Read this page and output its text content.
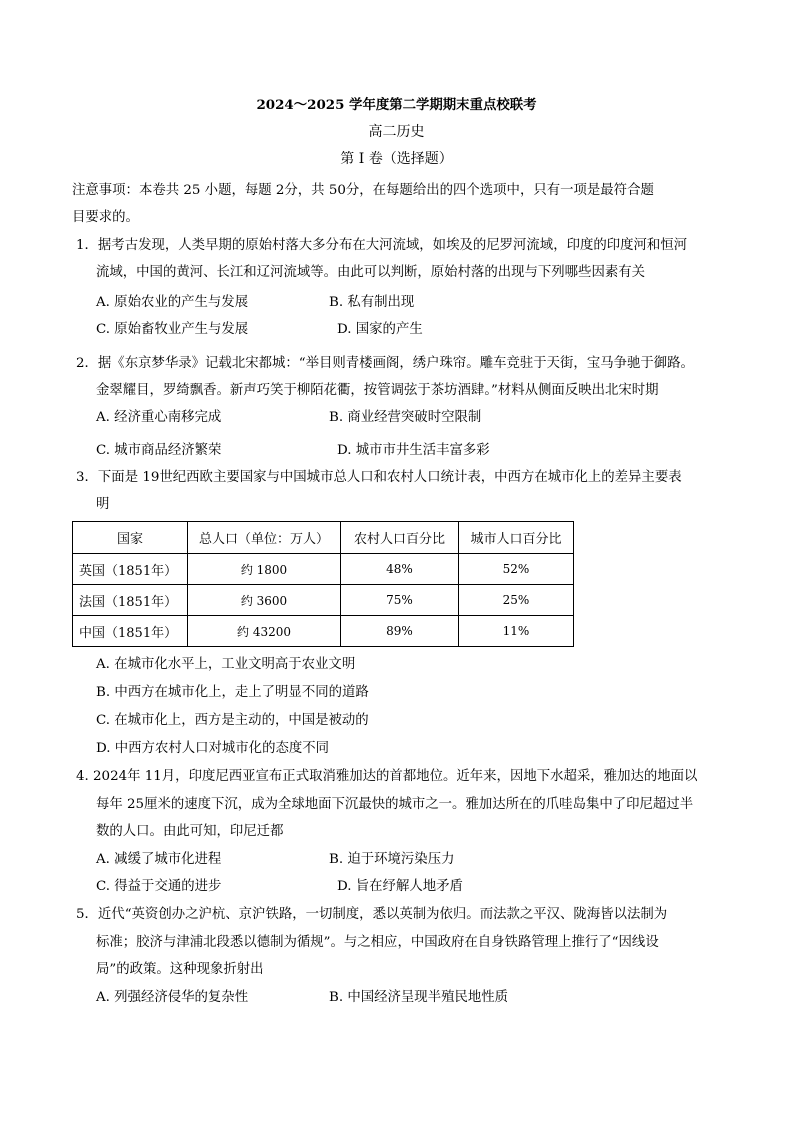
2024～2025 学年度第二学期期末重点校联考
高二历史
第 I 卷（选择题）
注意事项：本卷共 25 小题，每题 2分，共 50分，在每题给出的四个选项中，只有一项是最符合题
目要求的。
1．据考古发现，人类早期的原始村落大多分布在大河流域，如埃及的尼罗河流域，印度的印度河和恒河
流域，中国的黄河、长江和辽河流域等。由此可以判断，原始村落的出现与下列哪些因素有关
A. 原始农业的产生与发展	B. 私有制出现
C. 原始畜牧业产生与发展	D. 国家的产生
2．据《东京梦华录》记载北宋都城：“举目则青楼画阁，绣户珠帘。雕车竞驻于天街，宝马争驰于御路。
金翠耀目，罗绮飘香。新声巧笑于柳陌花衢，按管调弦于茶坊酒肆。”材料从侧面反映出北宋时期
A. 经济重心南移完成	B. 商业经营突破时空限制
C. 城市商品经济繁荣	D. 城市市井生活丰富多彩
3．下面是 19世纪西欧主要国家与中国城市总人口和农村人口统计表，中西方在城市化上的差异主要表
明
国家	总人口（单位：万人）	农村人口百分比	城市人口百分比
英国（1851年）	约 1800	48%	52%
法国（1851年）	约 3600	75%	25%
中国（1851年）	约 43200	89%	11%
A. 在城市化水平上，工业文明高于农业文明
B. 中西方在城市化上，走上了明显不同的道路
C. 在城市化上，西方是主动的，中国是被动的
D. 中西方农村人口对城市化的态度不同
4. 2024年 11月，印度尼西亚宣布正式取消雅加达的首都地位。近年来，因地下水超采，雅加达的地面以
每年 25厘米的速度下沉，成为全球地面下沉最快的城市之一。雅加达所在的爪哇岛集中了印尼超过半
数的人口。由此可知，印尼迁都
A. 减缓了城市化进程	B. 迫于环境污染压力
C. 得益于交通的进步	D. 旨在纾解人地矛盾
5．近代“英资创办之沪杭、京沪铁路，一切制度，悉以英制为依归。而法款之平汉、陇海皆以法制为
标准；胶济与津浦北段悉以德制为循规”。与之相应，中国政府在自身铁路管理上推行了“因线设
局”的政策。这种现象折射出
A. 列强经济侵华的复杂性	B. 中国经济呈现半殖民地性质
